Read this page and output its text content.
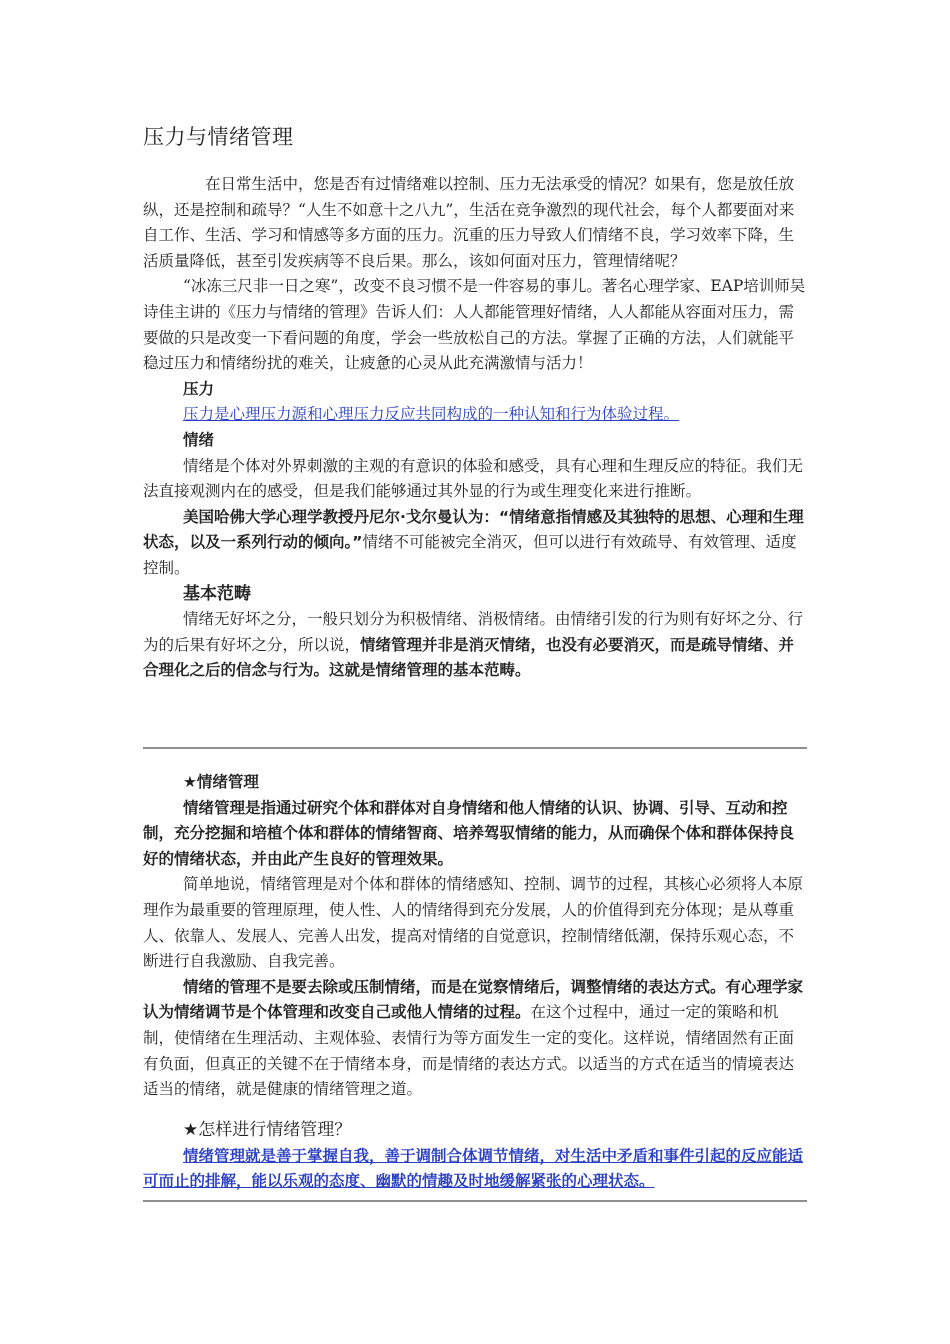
压力与情绪管理

在日常生活中，您是否有过情绪难以控制、压力无法承受的情况？如果有，您是放任放纵，还是控制和疏导？“人生不如意十之八九”，生活在竞争激烈的现代社会，每个人都要面对来自工作、生活、学习和情感等多方面的压力。沉重的压力导致人们情绪不良，学习效率下降，生活质量降低，甚至引发疾病等不良后果。那么，该如何面对压力，管理情绪呢？

“冰冻三尺非一日之寒”，改变不良习惯不是一件容易的事儿。著名心理学家、EAP培训师吴诗佳主讲的《压力与情绪的管理》告诉人们：人人都能管理好情绪，人人都能从容面对压力，需要做的只是改变一下看问题的角度，学会一些放松自己的方法。掌握了正确的方法，人们就能平稳过压力和情绪纷扰的难关，让疲惫的心灵从此充满激情与活力！

压力

压力是心理压力源和心理压力反应共同构成的一种认知和行为体验过程。

情绪

情绪是个体对外界刺激的主观的有意识的体验和感受，具有心理和生理反应的特征。我们无法直接观测内在的感受，但是我们能够通过其外显的行为或生理变化来进行推断。

美国哈佛大学心理学教授丹尼尔·戈尔曼认为：“情绪意指情感及其独特的思想、心理和生理状态，以及一系列行动的倾向。”情绪不可能被完全消灭，但可以进行有效疏导、有效管理、适度控制。

基本范畴

情绪无好坏之分，一般只划分为积极情绪、消极情绪。由情绪引发的行为则有好坏之分、行为的后果有好坏之分，所以说，情绪管理并非是消灭情绪，也没有必要消灭，而是疏导情绪、并合理化之后的信念与行为。这就是情绪管理的基本范畴。

★情绪管理

情绪管理是指通过研究个体和群体对自身情绪和他人情绪的认识、协调、引导、互动和控制，充分挖掘和培植个体和群体的情绪智商、培养驾驭情绪的能力，从而确保个体和群体保持良好的情绪状态，并由此产生良好的管理效果。

简单地说，情绪管理是对个体和群体的情绪感知、控制、调节的过程，其核心必须将人本原理作为最重要的管理原理，使人性、人的情绪得到充分发展，人的价值得到充分体现；是从尊重人、依靠人、发展人、完善人出发，提高对情绪的自觉意识，控制情绪低潮，保持乐观心态，不断进行自我激励、自我完善。

情绪的管理不是要去除或压制情绪，而是在觉察情绪后，调整情绪的表达方式。有心理学家认为情绪调节是个体管理和改变自己或他人情绪的过程。在这个过程中，通过一定的策略和机制，使情绪在生理活动、主观体验、表情行为等方面发生一定的变化。这样说，情绪固然有正面有负面，但真正的关键不在于情绪本身，而是情绪的表达方式。以适当的方式在适当的情境表达适当的情绪，就是健康的情绪管理之道。

★怎样进行情绪管理？

情绪管理就是善于掌握自我，善于调制合体调节情绪，对生活中矛盾和事件引起的反应能适可而止的排解，能以乐观的态度、幽默的情趣及时地缓解紧张的心理状态。
